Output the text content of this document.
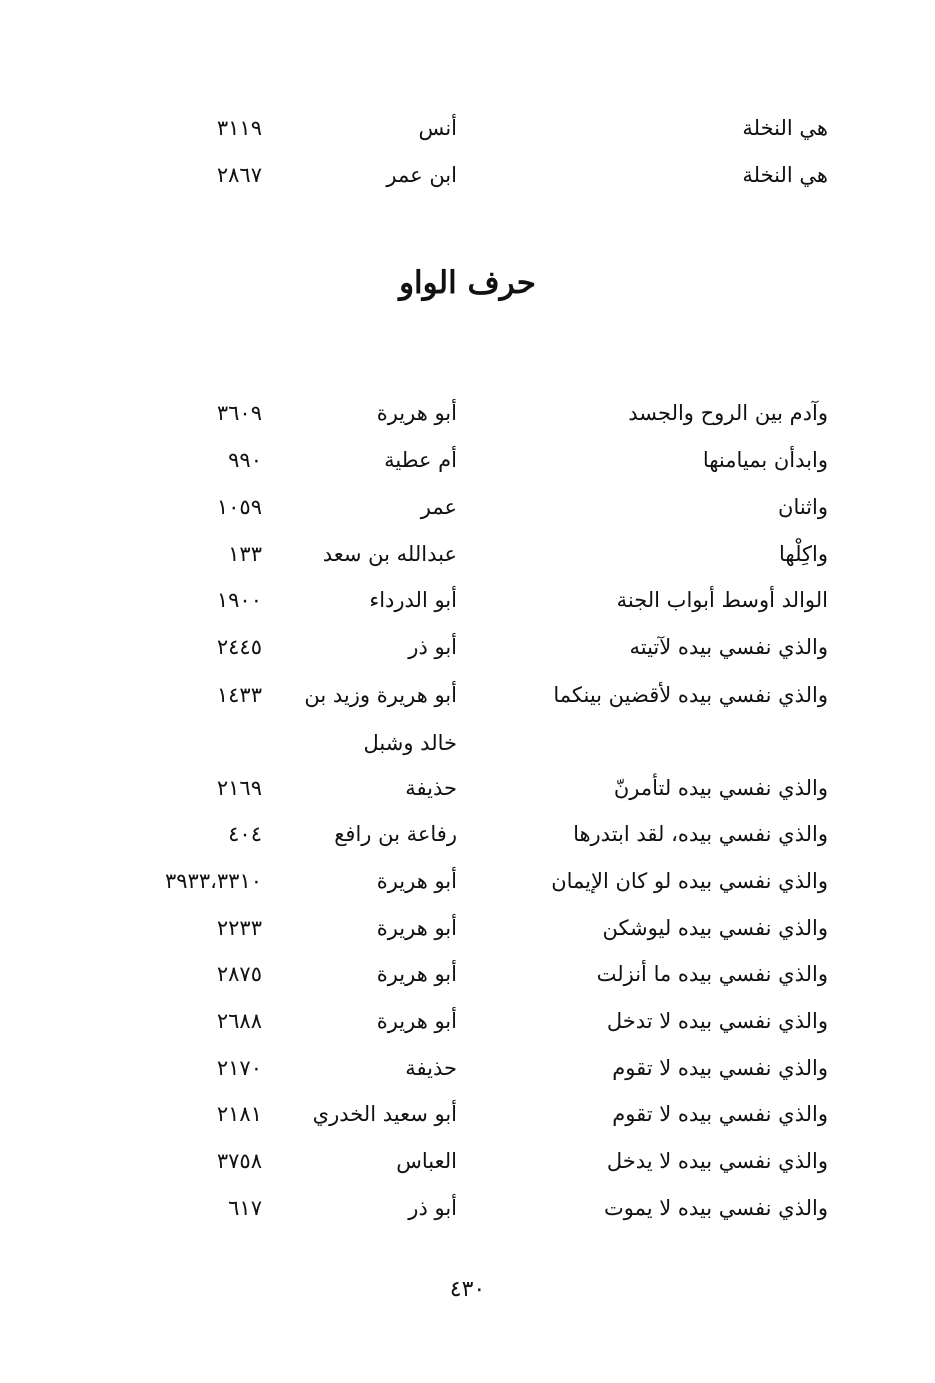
هي النخلة
أنس
٣١١٩
هي النخلة
ابن عمر
٢٨٦٧
حرف الواو
وآدم بين الروح والجسد
أبو هريرة
٣٦٠٩
وابدأن بميامنها
أم عطية
٩٩٠
واثنان
عمر
١٠٥٩
واكِلْها
عبدالله بن سعد
١٣٣
الوالد أوسط أبواب الجنة
أبو الدرداء
١٩٠٠
والذي نفسي بيده لآتيته
أبو ذر
٢٤٤٥
والذي نفسي بيده لأقضين بينكما
أبو هريرة وزيد بن
١٤٣٣
خالد وشبل
والذي نفسي بيده لتأمرنّ
حذيفة
٢١٦٩
والذي نفسي بيده، لقد ابتدرها
رفاعة بن رافع
٤٠٤
والذي نفسي بيده لو كان الإيمان
أبو هريرة
٣٩٣٣،٣٣١٠
والذي نفسي بيده ليوشكن
أبو هريرة
٢٢٣٣
والذي نفسي بيده ما أنزلت
أبو هريرة
٢٨٧٥
والذي نفسي بيده لا تدخل
أبو هريرة
٢٦٨٨
والذي نفسي بيده لا تقوم
حذيفة
٢١٧٠
والذي نفسي بيده لا تقوم
أبو سعيد الخدري
٢١٨١
والذي نفسي بيده لا يدخل
العباس
٣٧٥٨
والذي نفسي بيده لا يموت
أبو ذر
٦١٧
٤٣٠
